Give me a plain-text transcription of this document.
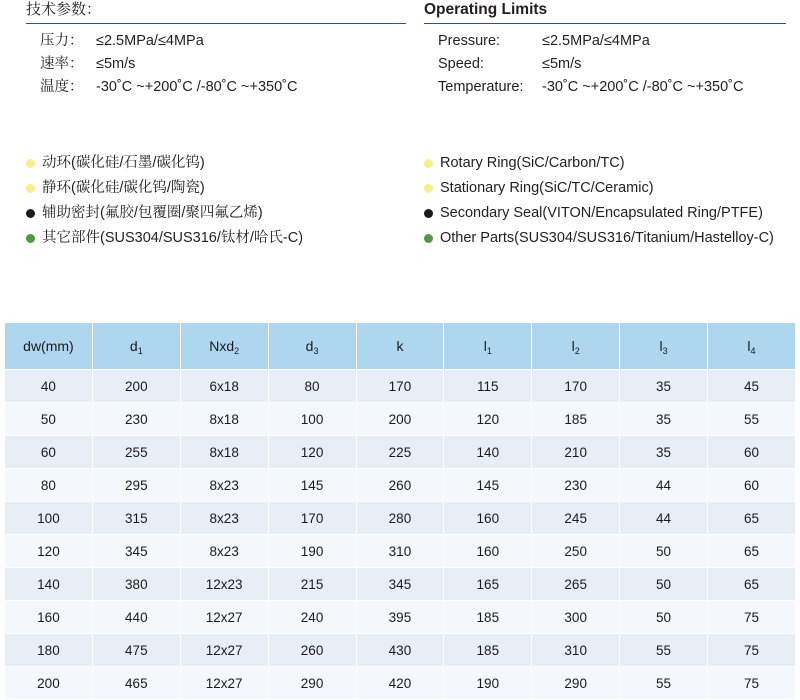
技术参数：
压力： ≤2.5MPa/≤4MPa
速率： ≤5m/s
温度： -30˚C ~+200˚C /-80˚C ~+350˚C
Operating Limits
Pressure:	≤2.5MPa/≤4MPa
Speed:	≤5m/s
Temperature:	-30˚C ~+200˚C /-80˚C ~+350˚C
动环(碳化硅/石墨/碳化钨)
静环(碳化硅/碳化钨/陶瓷)
辅助密封(氟胶/包覆圈/聚四氟乙烯)
其它部件(SUS304/SUS316/钛材/哈氏-C)
Rotary Ring(SiC/Carbon/TC)
Stationary Ring(SiC/TC/Ceramic)
Secondary Seal(VITON/Encapsulated Ring/PTFE)
Other Parts(SUS304/SUS316/Titanium/Hastelloy-C)
dw(mm)	$d_1$	Nxd$_2$	$d_3$	k	$l_1$	$l_2$	$l_3$	$l_4$
40	200	6x18	80	170	115	170	35	45
50	230	8x18	100	200	120	185	35	55
60	255	8x18	120	225	140	210	35	60
80	295	8x23	145	260	145	230	44	60
100	315	8x23	170	280	160	245	44	65
120	345	8x23	190	310	160	250	50	65
140	380	12x23	215	345	165	265	50	65
160	440	12x27	240	395	185	300	50	75
180	475	12x27	260	430	185	310	55	75
200	465	12x27	290	420	190	290	55	75
